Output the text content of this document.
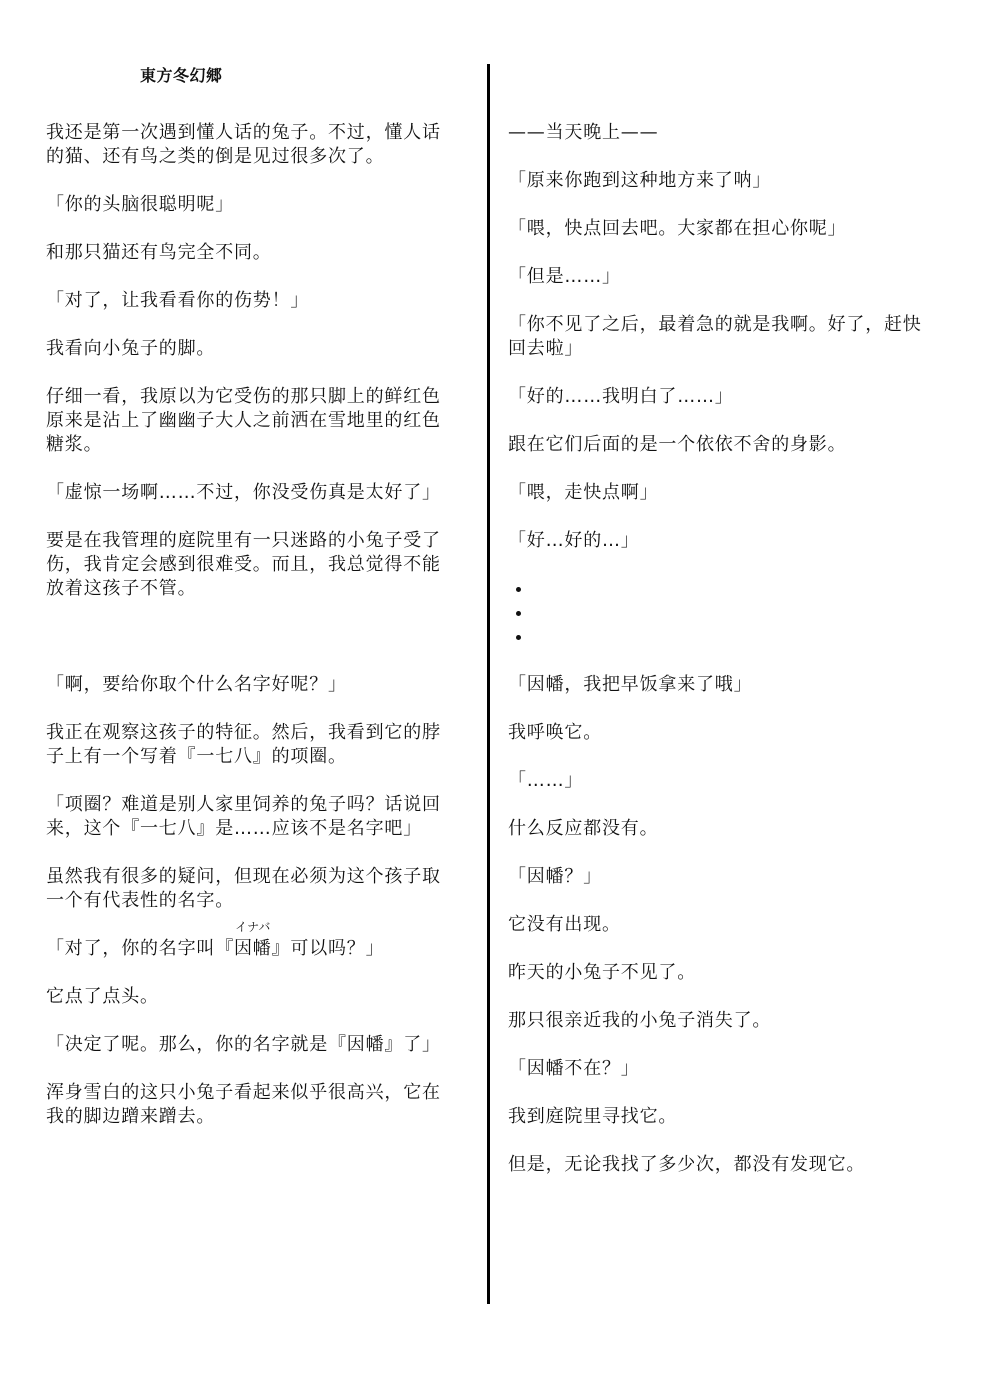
東方冬幻郷
我还是第一次遇到懂人话的兔子。不过，懂人话
的猫、还有鸟之类的倒是见过很多次了。
「你的头脑很聪明呢」
和那只猫还有鸟完全不同。
「对了，让我看看你的伤势！」
我看向小兔子的脚。
仔细一看，我原以为它受伤的那只脚上的鲜红色
原来是沾上了幽幽子大人之前洒在雪地里的红色
糖浆。
「虚惊一场啊……不过，你没受伤真是太好了」
要是在我管理的庭院里有一只迷路的小兔子受了
伤，我肯定会感到很难受。而且，我总觉得不能
放着这孩子不管。
「啊，要给你取个什么名字好呢？」
我正在观察这孩子的特征。然后，我看到它的脖
子上有一个写着『一七八』的项圈。
「项圈？难道是别人家里饲养的兔子吗？话说回
来，这个『一七八』是……应该不是名字吧」
虽然我有很多的疑问，但现在必须为这个孩子取
一个有代表性的名字。
「对了，你的名字叫『
イナバ
因幡』可以吗？」
它点了点头。
「决定了呢。那么，你的名字就是『因幡』了」
浑身雪白的这只小兔子看起来似乎很高兴，它在
我的脚边蹭来蹭去。
——当天晚上——
「原来你跑到这种地方来了呐」
「喂，快点回去吧。大家都在担心你呢」
「但是……」
「你不见了之后，最着急的就是我啊。好了，赶快
回去啦」
「好的……我明白了……」
跟在它们后面的是一个依依不舍的身影。
「喂，走快点啊」
「好…好的…」
「因幡，我把早饭拿来了哦」
我呼唤它。
「……」
什么反应都没有。
「因幡？」
它没有出现。
昨天的小兔子不见了。
那只很亲近我的小兔子消失了。
「因幡不在？」
我到庭院里寻找它。
但是，无论我找了多少次，都没有发现它。
